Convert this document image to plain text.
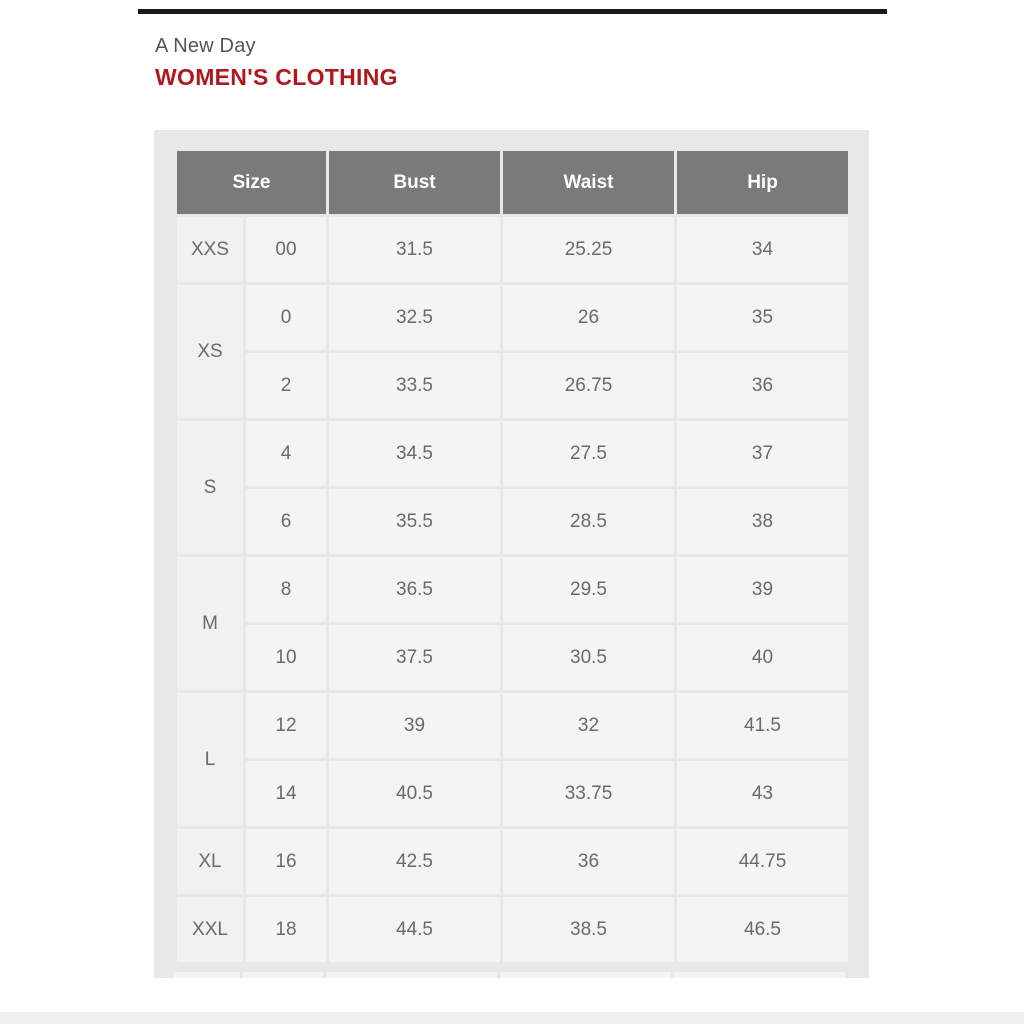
A New Day
WOMEN'S CLOTHING
Size		Bust	Waist	Hip
XXS	00	31.5	25.25	34
XS	0	32.5	26	35
	2	33.5	26.75	36
S	4	34.5	27.5	37
	6	35.5	28.5	38
M	8	36.5	29.5	39
	10	37.5	30.5	40
L	12	39	32	41.5
	14	40.5	33.75	43
XL	16	42.5	36	44.75
XXL	18	44.5	38.5	46.5
